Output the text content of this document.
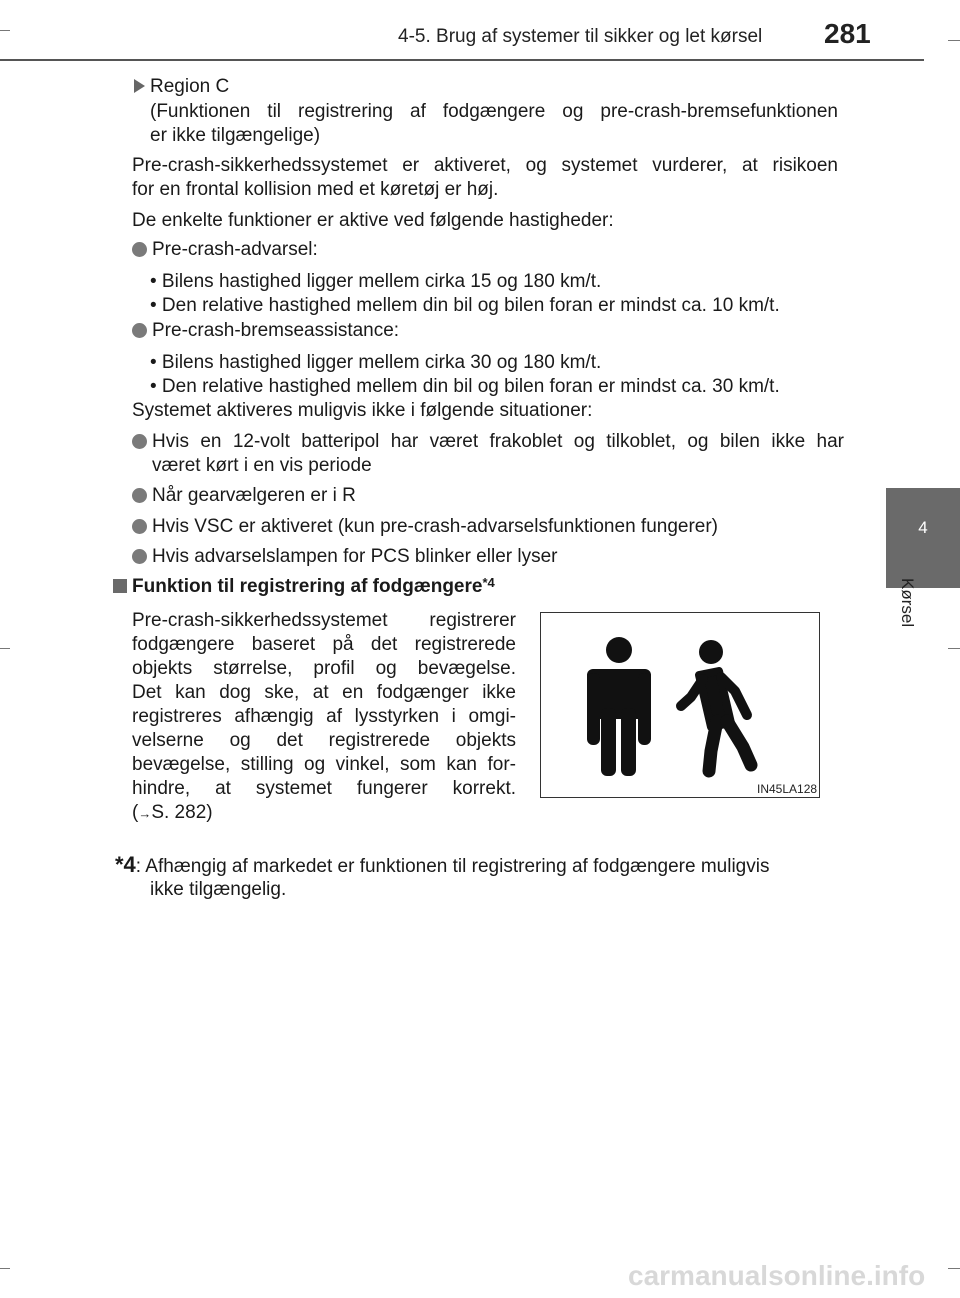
4-5. Brug af systemer til sikker og let kørsel 281
4
Kørsel
Region C
(Funktionen til registrering af fodgængere og pre-crash-bremsefunktionen
er ikke tilgængelige)
Pre-crash-sikkerhedssystemet er aktiveret, og systemet vurderer, at risikoen
for en frontal kollision med et køretøj er høj.
De enkelte funktioner er aktive ved følgende hastigheder:
Pre-crash-advarsel:
• Bilens hastighed ligger mellem cirka 15 og 180 km/t.
• Den relative hastighed mellem din bil og bilen foran er mindst ca. 10 km/t.
Pre-crash-bremseassistance:
• Bilens hastighed ligger mellem cirka 30 og 180 km/t.
• Den relative hastighed mellem din bil og bilen foran er mindst ca. 30 km/t.
Systemet aktiveres muligvis ikke i følgende situationer:
Hvis en 12-volt batteripol har været frakoblet og tilkoblet, og bilen ikke har
været kørt i en vis periode
Når gearvælgeren er i R
Hvis VSC er aktiveret (kun pre-crash-advarselsfunktionen fungerer)
Hvis advarselslampen for PCS blinker eller lyser
Funktion til registrering af fodgængere$^{*4}$
Pre-crash-sikkerhedssystemet registrerer
fodgængere baseret på det registrerede
objekts størrelse, profil og bevægelse.
Det kan dog ske, at en fodgænger ikke
registreres afhængig af lysstyrken i omgi-
velserne og det registrerede objekts
bevægelse, stilling og vinkel, som kan for-
hindre, at systemet fungerer korrekt.
(→S. 282)
IN45LA128
*4: Afhængig af markedet er funktionen til registrering af fodgængere muligvis
ikke tilgængelig.
carmanualsonline.info
